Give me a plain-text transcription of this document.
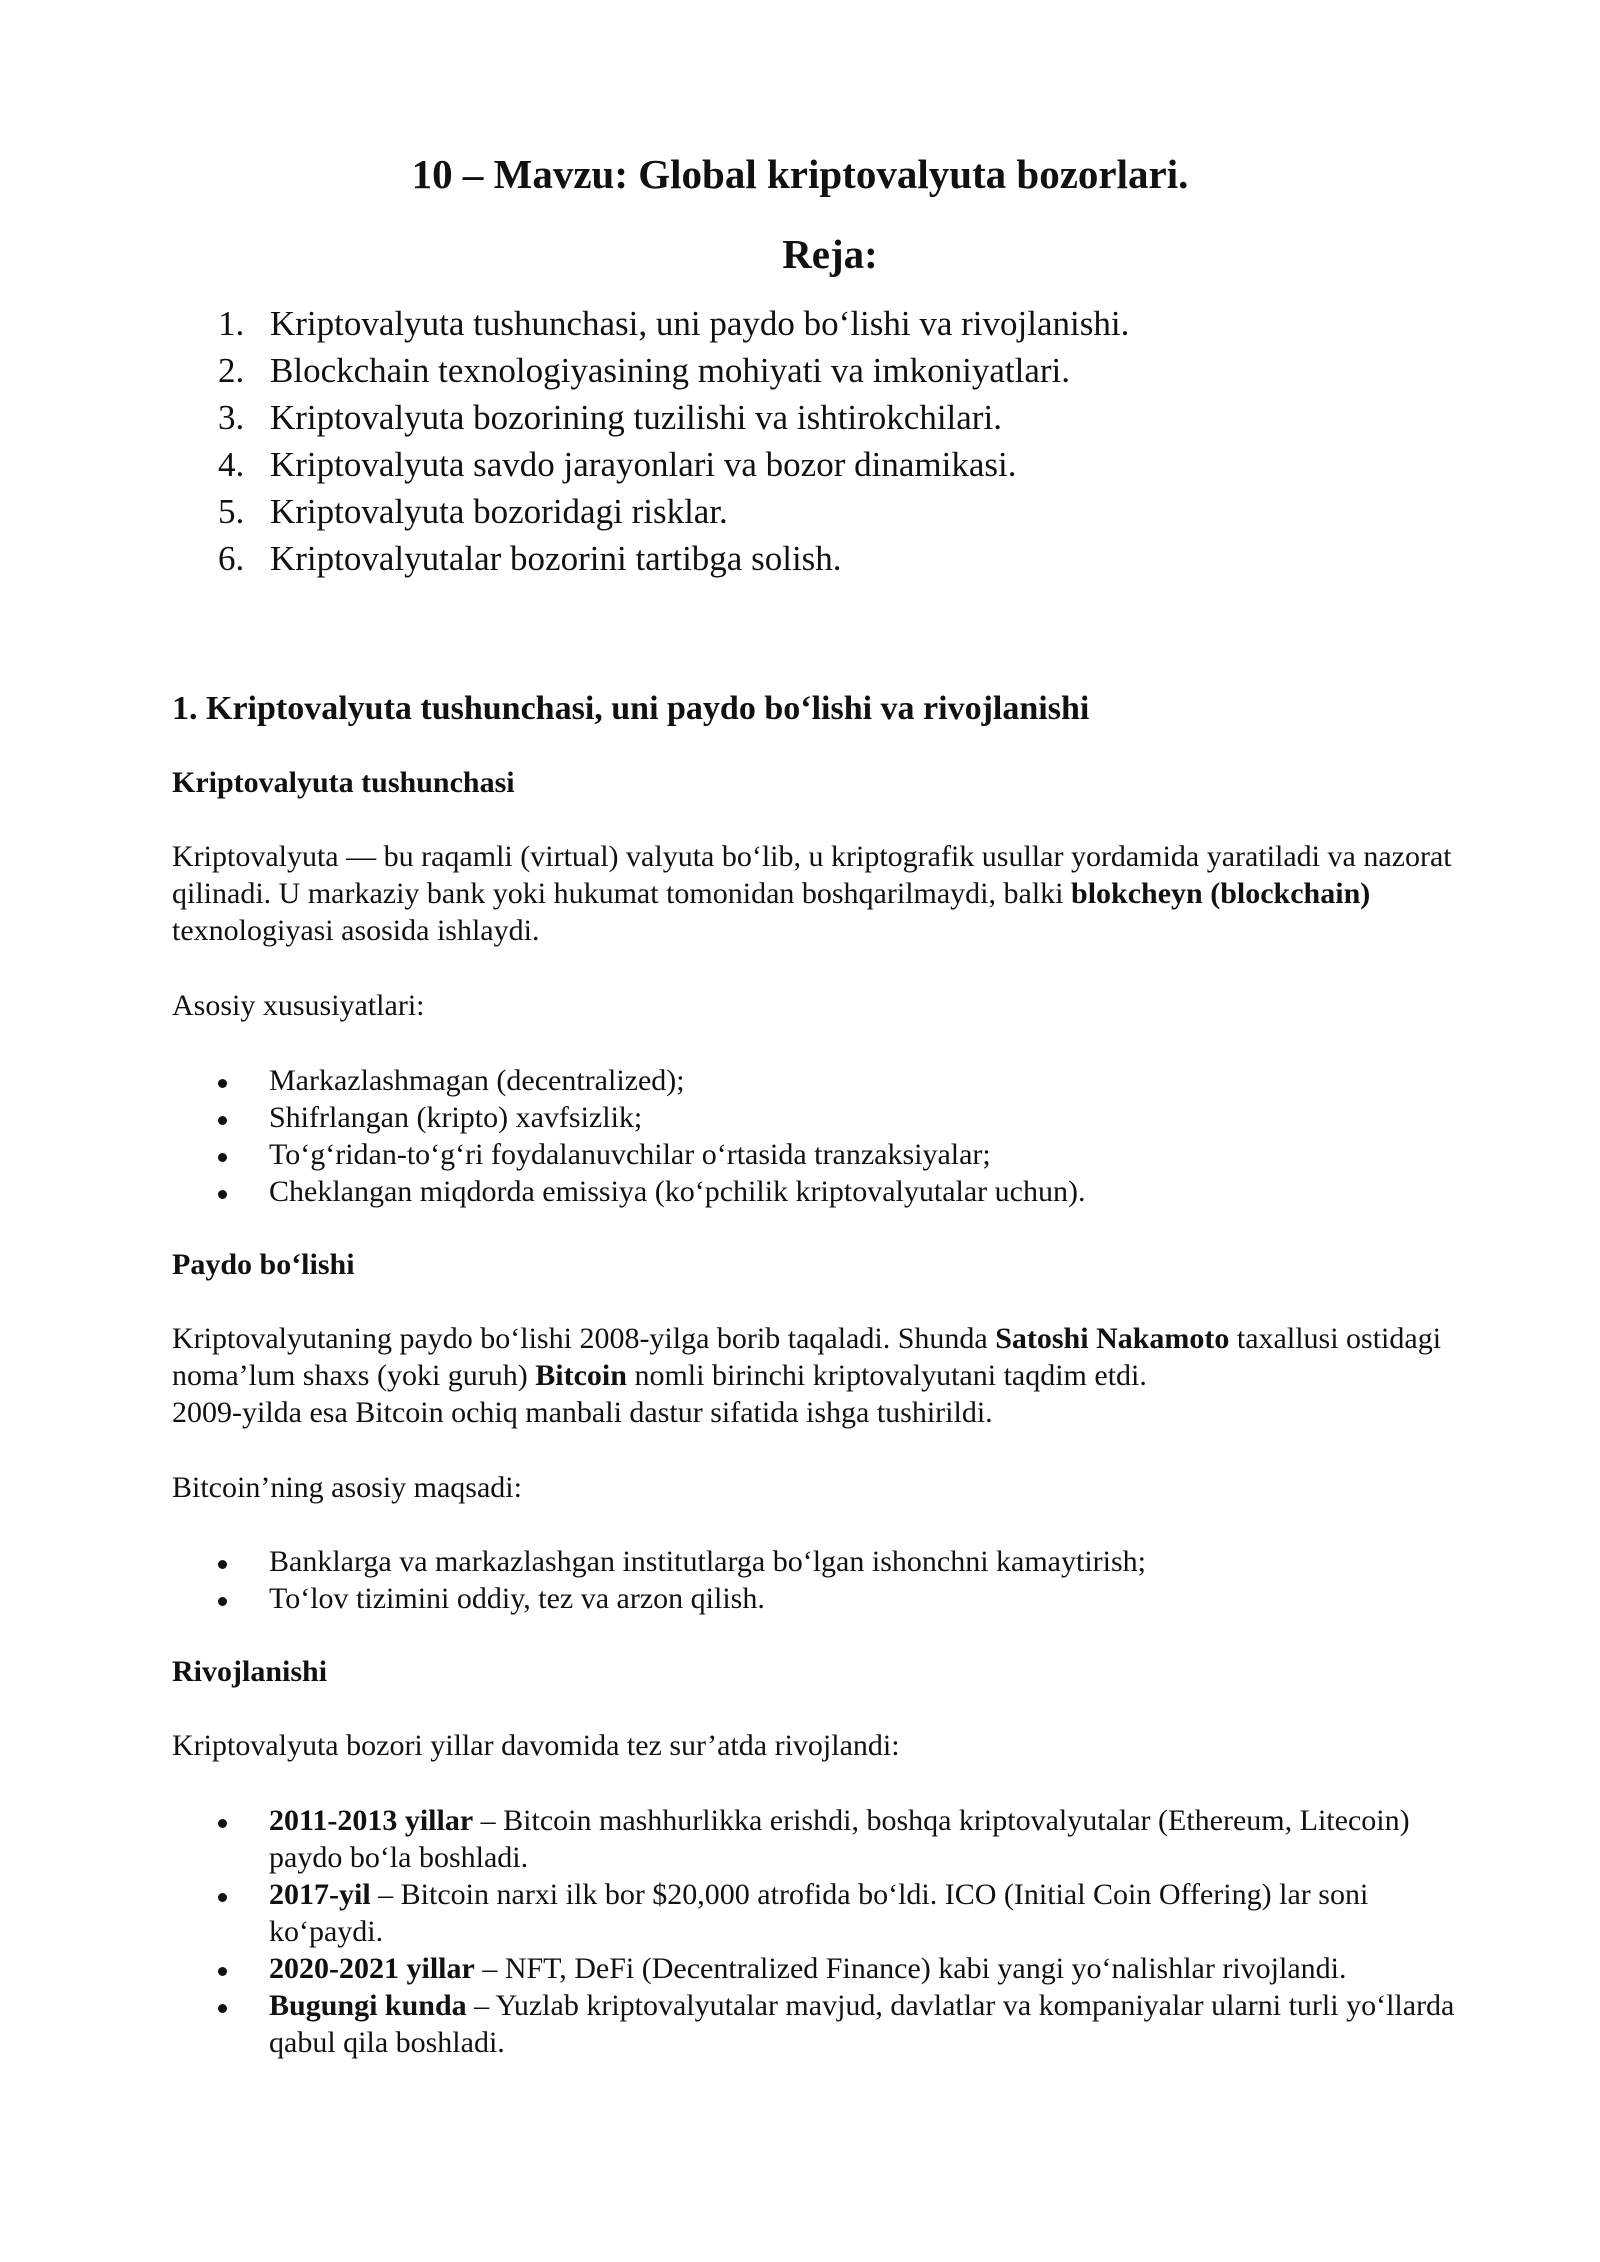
10 – Mavzu: Global kriptovalyuta bozorlari.
Reja:
1. Kriptovalyuta tushunchasi, uni paydo bo‘lishi va rivojlanishi.
2. Blockchain texnologiyasining mohiyati va imkoniyatlari.
3. Kriptovalyuta bozorining tuzilishi va ishtirokchilari.
4. Kriptovalyuta savdo jarayonlari va bozor dinamikasi.
5. Kriptovalyuta bozoridagi risklar.
6. Kriptovalyutalar bozorini tartibga solish.
1. Kriptovalyuta tushunchasi, uni paydo bo‘lishi va rivojlanishi
Kriptovalyuta tushunchasi

Kriptovalyuta — bu raqamli (virtual) valyuta bo‘lib, u kriptografik usullar yordamida yaratiladi va nazorat qilinadi. U markaziy bank yoki hukumat tomonidan boshqarilmaydi, balki blokcheyn (blockchain) texnologiyasi asosida ishlaydi.

Asosiy xususiyatlari:

Markazlashmagan (decentralized);
Shifrlangan (kripto) xavfsizlik;
To‘g‘ridan-to‘g‘ri foydalanuvchilar o‘rtasida tranzaksiyalar;
Cheklangan miqdorda emissiya (ko‘pchilik kriptovalyutalar uchun).
Paydo bo‘lishi

Kriptovalyutaning paydo bo‘lishi 2008-yilga borib taqaladi. Shunda Satoshi Nakamoto taxallusi ostidagi noma’lum shaxs (yoki guruh) Bitcoin nomli birinchi kriptovalyutani taqdim etdi.
2009-yilda esa Bitcoin ochiq manbali dastur sifatida ishga tushirildi.

Bitcoin’ning asosiy maqsadi:

Banklarga va markazlashgan institutlarga bo‘lgan ishonchni kamaytirish;
To‘lov tizimini oddiy, tez va arzon qilish.
Rivojlanishi

Kriptovalyuta bozori yillar davomida tez sur’atda rivojlandi:

2011-2013 yillar – Bitcoin mashhurlikka erishdi, boshqa kriptovalyutalar (Ethereum, Litecoin) paydo bo‘la boshladi.
2017-yil – Bitcoin narxi ilk bor $20,000 atrofida bo‘ldi. ICO (Initial Coin Offering) lar soni ko‘paydi.
2020-2021 yillar – NFT, DeFi (Decentralized Finance) kabi yangi yo‘nalishlar rivojlandi.
Bugungi kunda – Yuzlab kriptovalyutalar mavjud, davlatlar va kompaniyalar ularni turli yo‘llarda qabul qila boshladi.
